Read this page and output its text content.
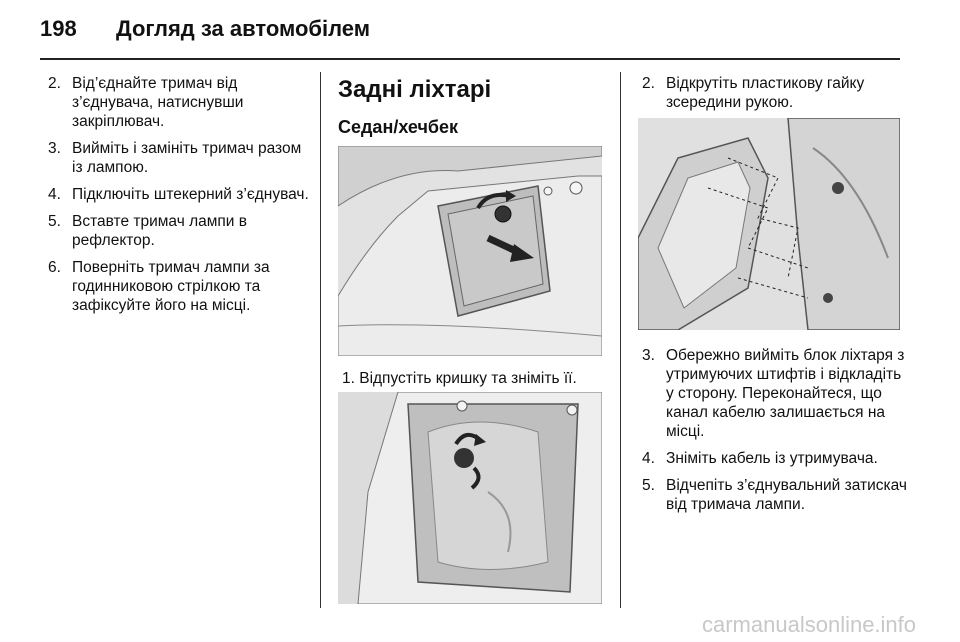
198 Догляд за автомобілем
2. Від’єднайте тримач від з’єднувача, натиснувши закріплювач.
3. Вийміть і замініть тримач разом із лампою.
4. Підключіть штекерний з’єднувач.
5. Вставте тримач лампи в рефлектор.
6. Поверніть тримач лампи за годинниковою стрілкою та зафіксуйте його на місці.
Задні ліхтарі
Седан/хечбек
1. Відпустіть кришку та зніміть її.
2. Відкрутіть пластикову гайку зсередини рукою.
3. Обережно вийміть блок ліхтаря з утримуючих штифтів і відкладіть у сторону. Переконайтеся, що канал кабелю залишається на місці.
4. Зніміть кабель із утримувача.
5. Відчепіть з’єднувальний затискач від тримача лампи.
carmanualsonline.info
